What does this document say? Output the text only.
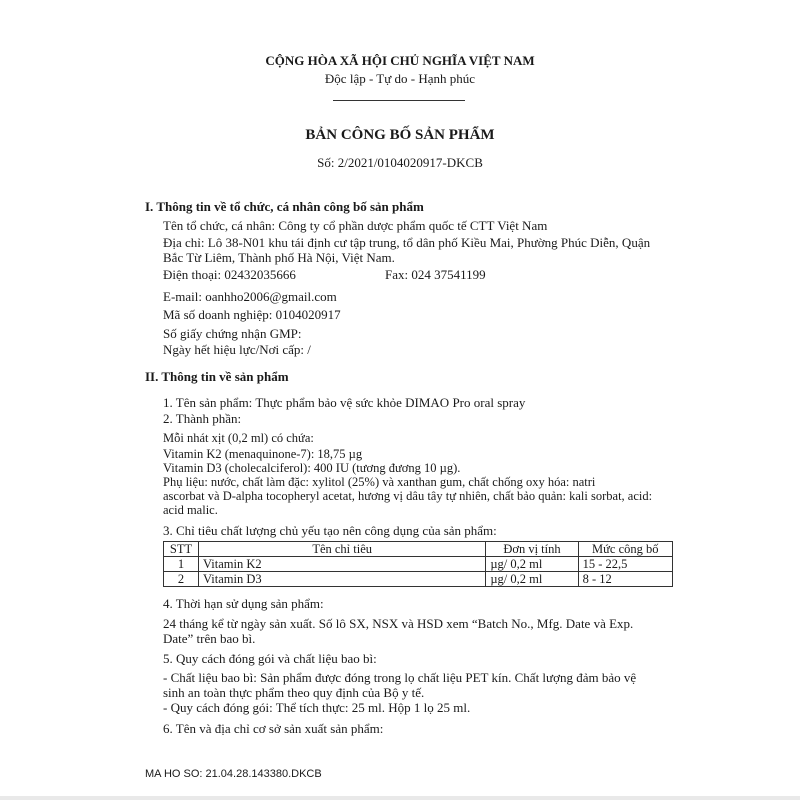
CỘNG HÒA XÃ HỘI CHỦ NGHĨA VIỆT NAM
Độc lập - Tự do - Hạnh phúc
BẢN CÔNG BỐ SẢN PHẨM
Số: 2/2021/0104020917-DKCB
I. Thông tin về tổ chức, cá nhân công bố sản phẩm
Tên tổ chức, cá nhân: Công ty cổ phần dược phẩm quốc tế CTT Việt Nam
Địa chỉ: Lô 38-N01 khu tái định cư tập trung, tổ dân phố Kiều Mai, Phường Phúc Diễn, Quận
Bắc Từ Liêm, Thành phố Hà Nội, Việt Nam.
Điện thoại: 02432035666	Fax: 024 37541199
E-mail: oanhho2006@gmail.com
Mã số doanh nghiệp: 0104020917
Số giấy chứng nhận GMP:
Ngày hết hiệu lực/Nơi cấp: /
II. Thông tin về sản phẩm
1. Tên sản phẩm: Thực phẩm bảo vệ sức khỏe DIMAO Pro oral spray
2. Thành phần:
Mỗi nhát xịt (0,2 ml) có chứa:
Vitamin K2 (menaquinone-7): 18,75 µg
Vitamin D3 (cholecalciferol): 400 IU (tương đương 10 µg).
Phụ liệu: nước, chất làm đặc: xylitol (25%) và xanthan gum, chất chống oxy hóa: natri
ascorbat và D-alpha tocopheryl acetat, hương vị dâu tây tự nhiên, chất bảo quản: kali sorbat, acid:
acid malic.
3. Chỉ tiêu chất lượng chủ yếu tạo nên công dụng của sản phẩm:
STT	Tên chỉ tiêu	Đơn vị tính	Mức công bố
1	Vitamin K2	µg/ 0,2 ml	15 - 22,5
2	Vitamin D3	µg/ 0,2 ml	8 - 12
4. Thời hạn sử dụng sản phẩm:
24 tháng kể từ ngày sản xuất. Số lô SX, NSX và HSD xem “Batch No., Mfg. Date và Exp.
Date” trên bao bì.
5. Quy cách đóng gói và chất liệu bao bì:
- Chất liệu bao bì: Sản phẩm được đóng trong lọ chất liệu PET kín. Chất lượng đảm bảo vệ
sinh an toàn thực phẩm theo quy định của Bộ y tế.
- Quy cách đóng gói: Thể tích thực: 25 ml. Hộp 1 lọ 25 ml.
6. Tên và địa chỉ cơ sở sản xuất sản phẩm:
MA HO SO: 21.04.28.143380.DKCB
